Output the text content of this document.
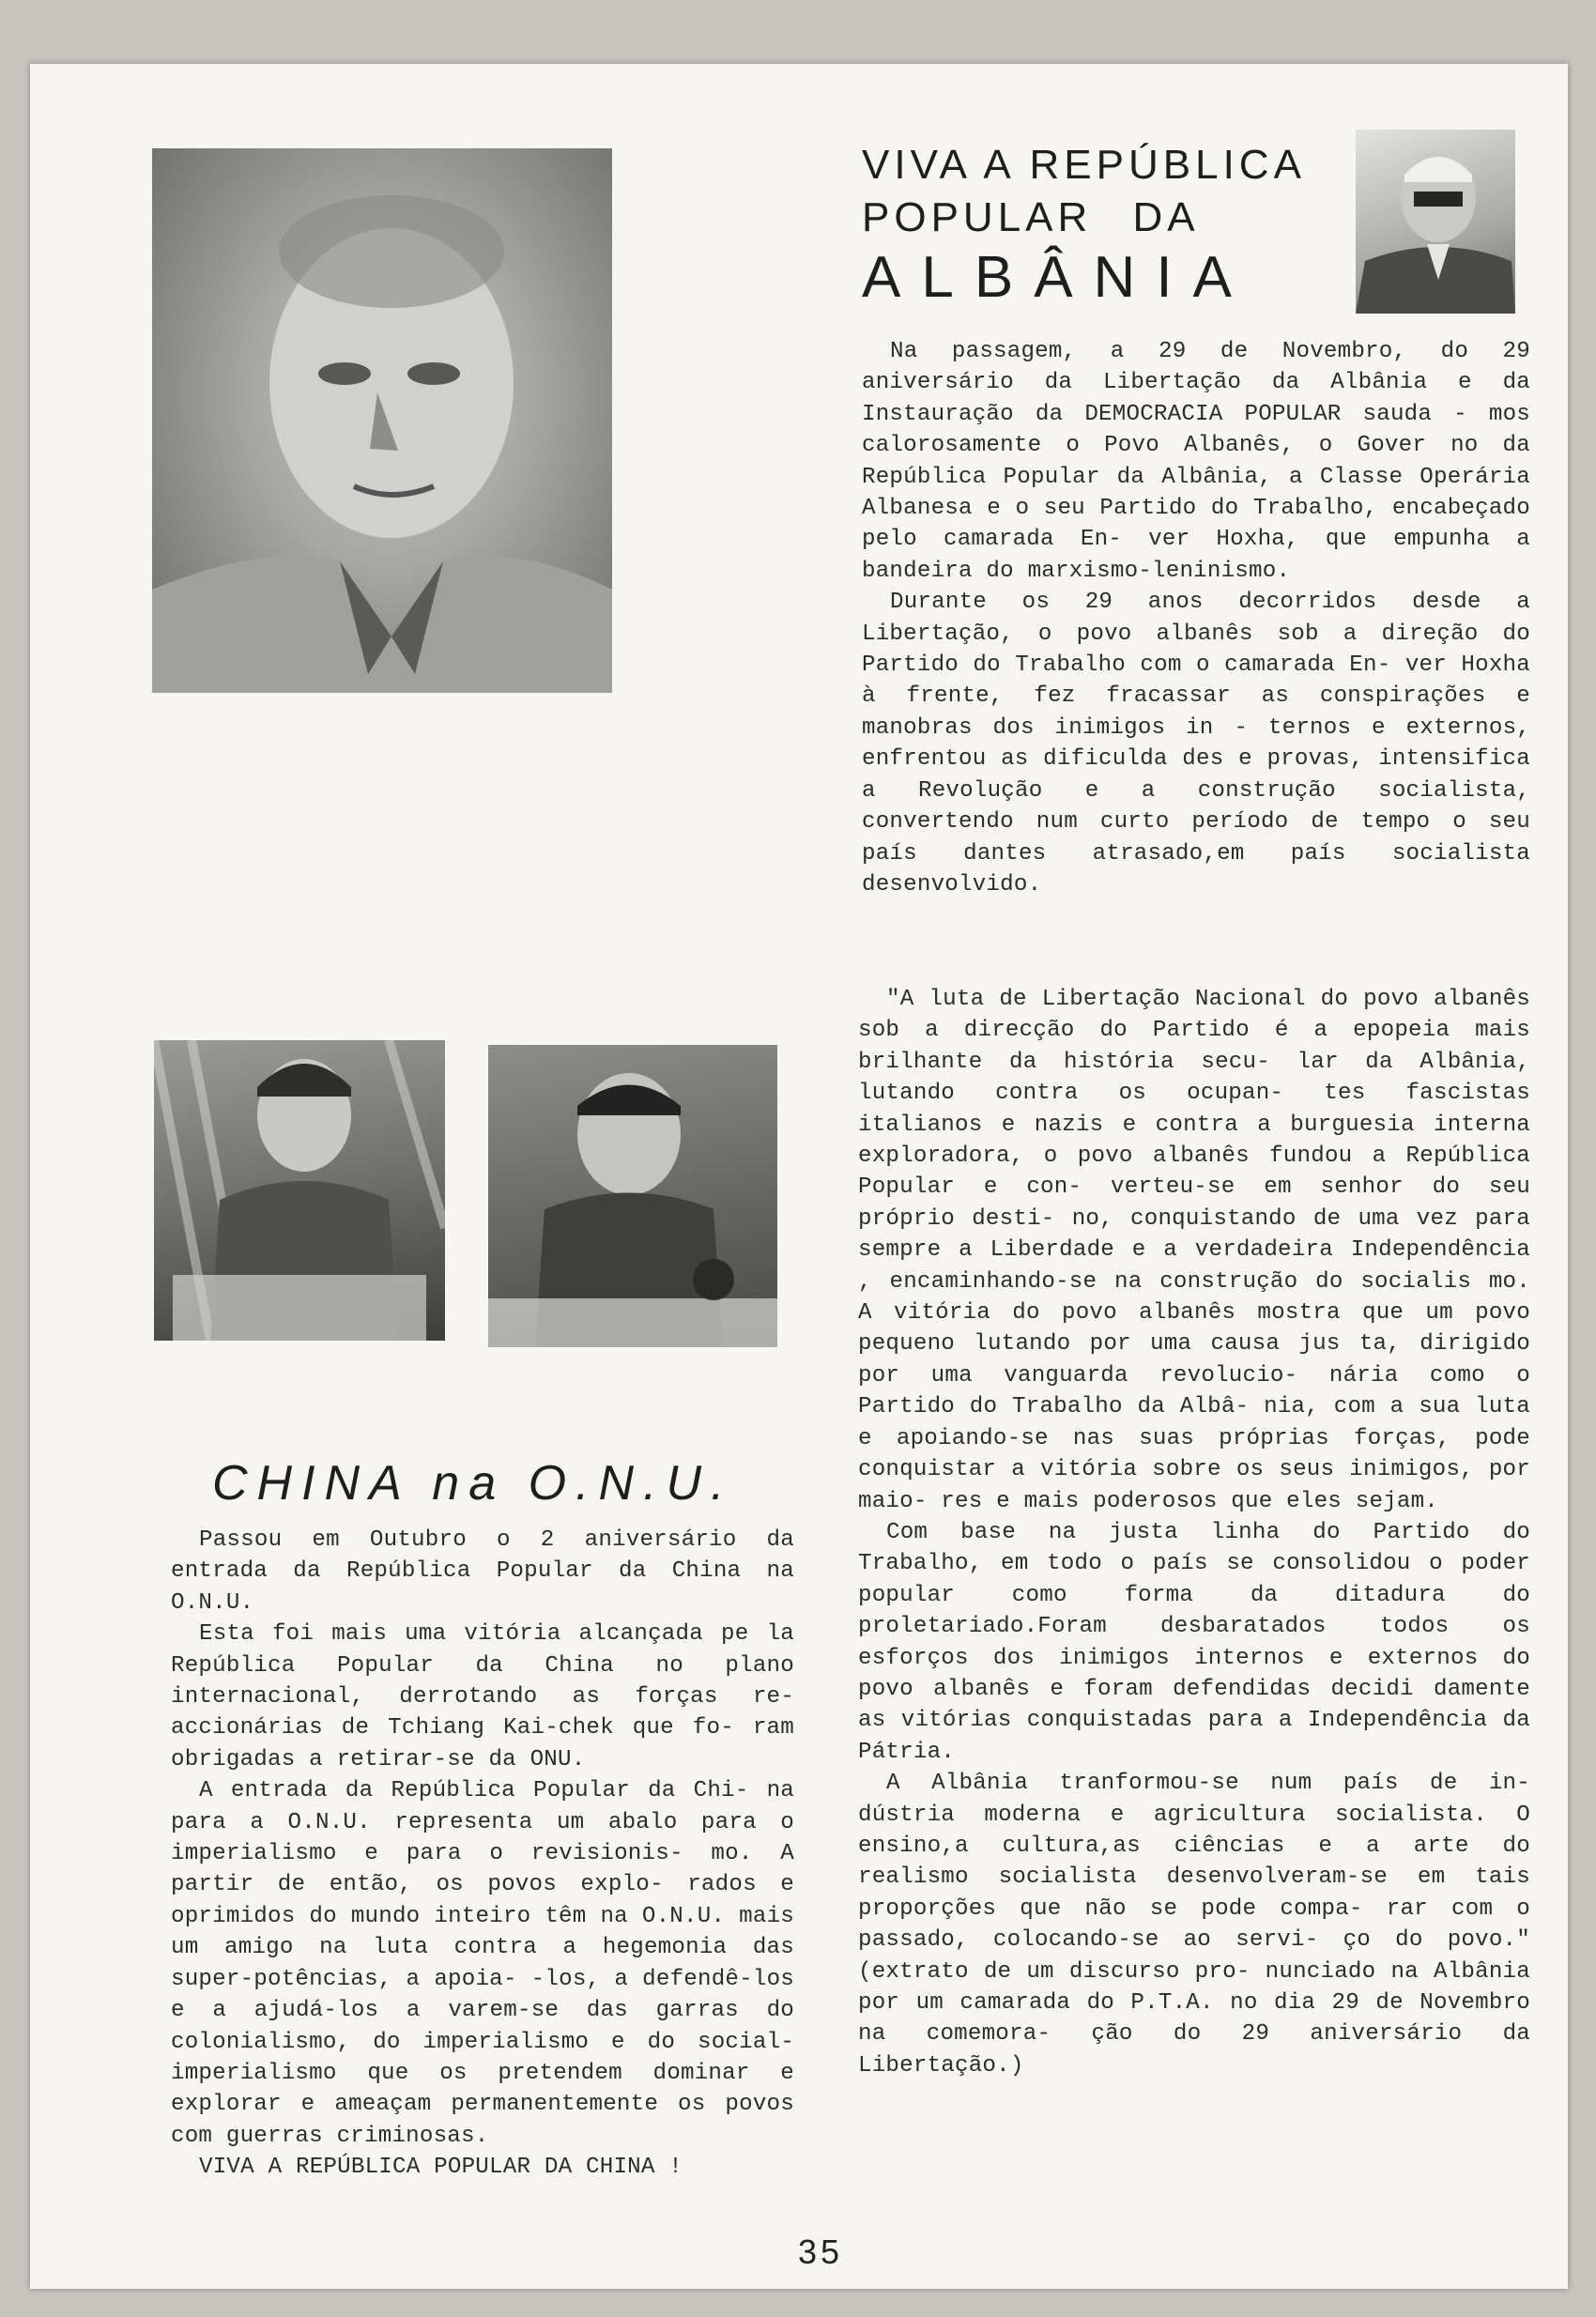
VIVA A REPÚBLICA
POPULAR DA
ALBÂNIA

Na passagem, a 29 de Novembro, do 29 aniversário da Libertação da Albânia e da Instauração da DEMOCRACIA POPULAR sauda - mos calorosamente o Povo Albanês, o Gover no da República Popular da Albânia, a Classe Operária Albanesa e o seu Partido do Trabalho, encabeçado pelo camarada En- ver Hoxha, que empunha a bandeira do marxismo-leninismo.

Durante os 29 anos decorridos desde a Libertação, o povo albanês sob a direção do Partido do Trabalho com o camarada En- ver Hoxha à frente, fez fracassar as conspirações e manobras dos inimigos in - ternos e externos, enfrentou as dificulda des e provas, intensifica a Revolução e a construção socialista, convertendo num curto período de tempo o seu país dantes atrasado,em país socialista desenvolvido.

"A luta de Libertação Nacional do povo albanês sob a direcção do Partido é a epopeia mais brilhante da história secu- lar da Albânia, lutando contra os ocupan- tes fascistas italianos e nazis e contra a burguesia interna exploradora, o povo albanês fundou a República Popular e con- verteu-se em senhor do seu próprio desti- no, conquistando de uma vez para sempre a Liberdade e a verdadeira Independência , encaminhando-se na construção do socialis mo. A vitória do povo albanês mostra que um povo pequeno lutando por uma causa jus ta, dirigido por uma vanguarda revolucio- nária como o Partido do Trabalho da Albâ- nia, com a sua luta e apoiando-se nas suas próprias forças, pode conquistar a vitória sobre os seus inimigos, por maio- res e mais poderosos que eles sejam.

Com base na justa linha do Partido do Trabalho, em todo o país se consolidou o poder popular como forma da ditadura do proletariado.Foram desbaratados todos os esforços dos inimigos internos e externos do povo albanês e foram defendidas decidi damente as vitórias conquistadas para a Independência da Pátria.

A Albânia tranformou-se num país de in- dústria moderna e agricultura socialista. O ensino,a cultura,as ciências e a arte do realismo socialista desenvolveram-se em tais proporções que não se pode compa- rar com o passado, colocando-se ao servi- ço do povo." (extrato de um discurso pro- nunciado na Albânia por um camarada do P.T.A. no dia 29 de Novembro na comemora- ção do 29 aniversário da Libertação.)

CHINA na O.N.U.

Passou em Outubro o 2 aniversário da entrada da República Popular da China na O.N.U.

Esta foi mais uma vitória alcançada pe la República Popular da China no plano internacional, derrotando as forças re- accionárias de Tchiang Kai-chek que fo- ram obrigadas a retirar-se da ONU.

A entrada da República Popular da Chi- na para a O.N.U. representa um abalo para o imperialismo e para o revisionis- mo. A partir de então, os povos explo- rados e oprimidos do mundo inteiro têm na O.N.U. mais um amigo na luta contra a hegemonia das super-potências, a apoia- -los, a defendê-los e a ajudá-los a varem-se das garras do colonialismo, do imperialismo e do social-imperialismo que os pretendem dominar e explorar e ameaçam permanentemente os povos com guerras criminosas.

VIVA A REPÚBLICA POPULAR DA CHINA !

35
